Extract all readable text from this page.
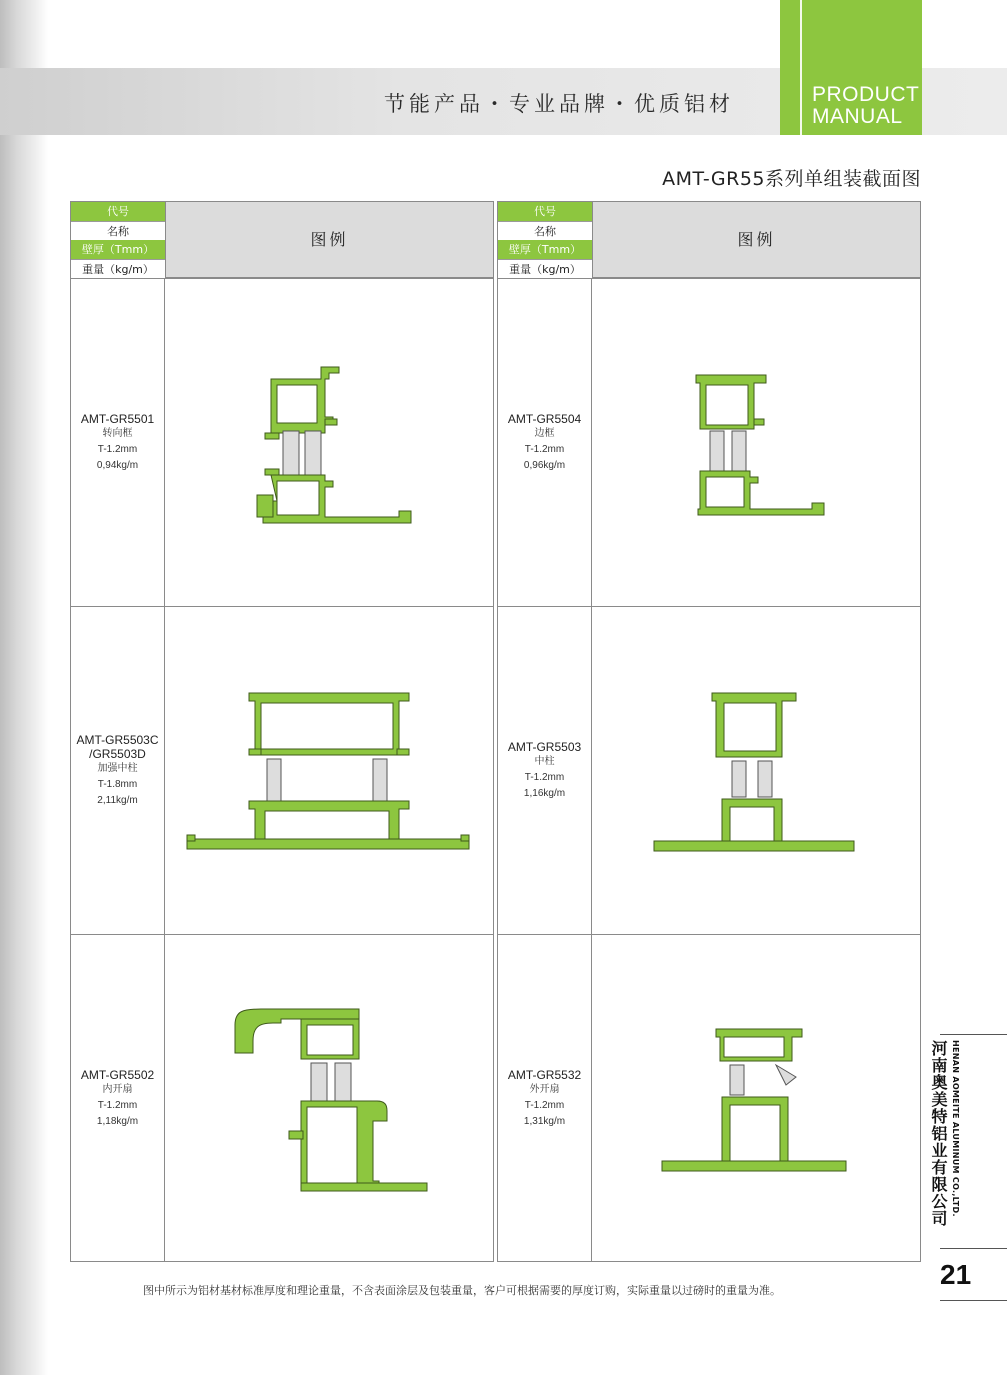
节能产品・专业品牌・优质铝材	PRODUCT
MANUAL
AMT-GR55系列单组装截面图
代号
名称
壁厚（Tmm）
重量（kg/m）
图例
AMT-GR5501
转向框
T-1.2mm
0,94kg/m
AMT-GR5503C
/GR5503D
加强中柱
T-1.8mm
2,11kg/m
AMT-GR5502
内开扇
T-1.2mm
1,18kg/m
代号
名称
壁厚（Tmm）
重量（kg/m）
图例
AMT-GR5504
边框
T-1.2mm
0,96kg/m
AMT-GR5503
中柱
T-1.2mm
1,16kg/m
AMT-GR5532
外开扇
T-1.2mm
1,31kg/m
图中所示为铝材基材标准厚度和理论重量，不含表面涂层及包装重量，客户可根据需要的厚度订购，实际重量以过磅时的重量为准。
河南奥美特铝业有限公司 HENAN AOMEITE ALUMINUM CO.,LTD.
21
